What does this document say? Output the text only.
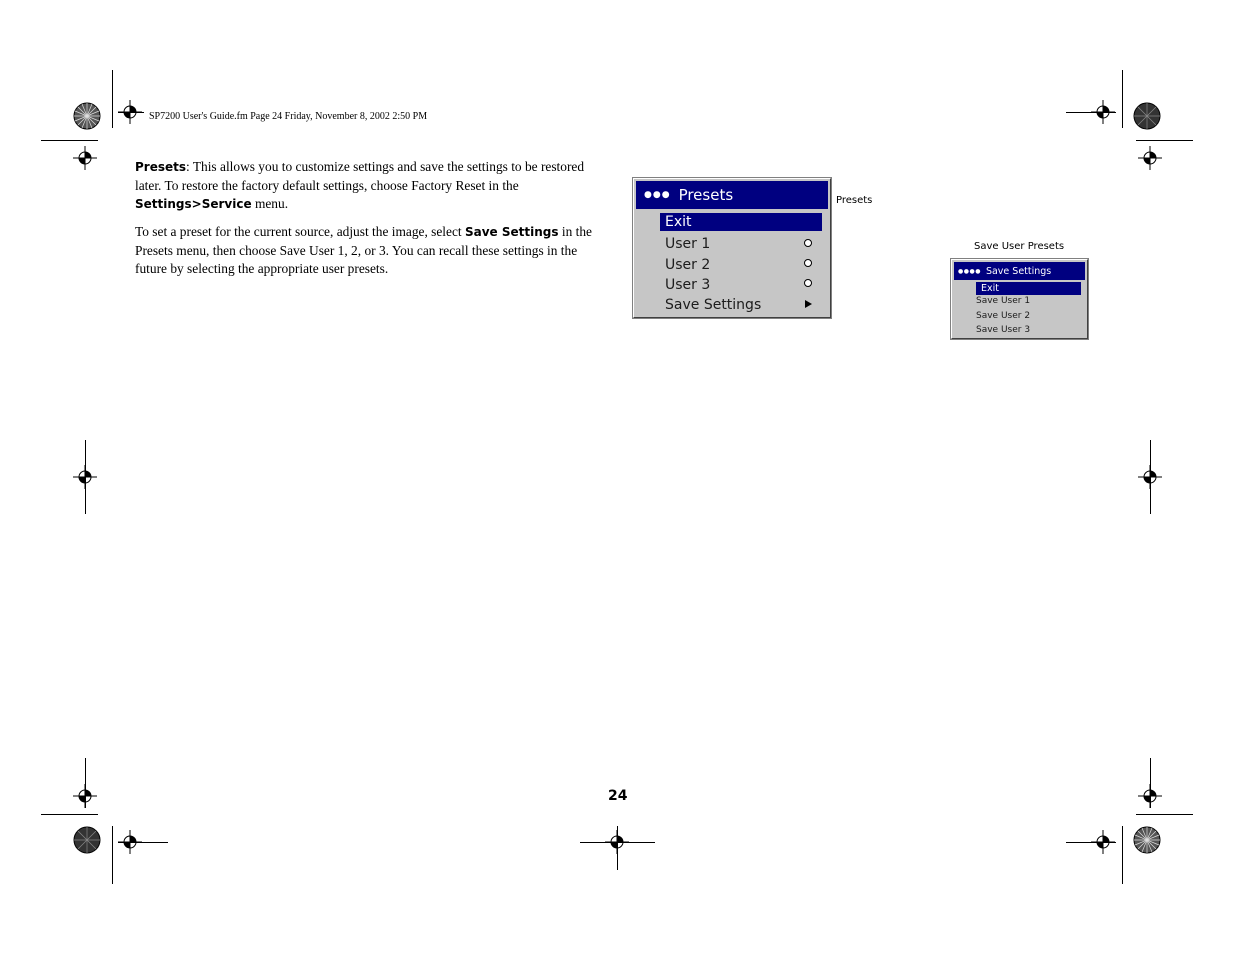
SP7200 User's Guide.fm Page 24 Friday, November 8, 2002 2:50 PM
Presets: This allows you to customize settings and save the settings to be restored later. To restore the factory default settings, choose Factory Reset in the Settings>Service menu.
To set a preset for the current source, adjust the image, select Save Settings in the Presets menu, then choose Save User 1, 2, or 3. You can recall these settings in the future by selecting the appropriate user presets.
●●● Presets
Exit
User 1
User 2
User 3
Save Settings
Presets
Save User Presets
●●●● Save Settings
Exit
Save User 1
Save User 2
Save User 3
24
